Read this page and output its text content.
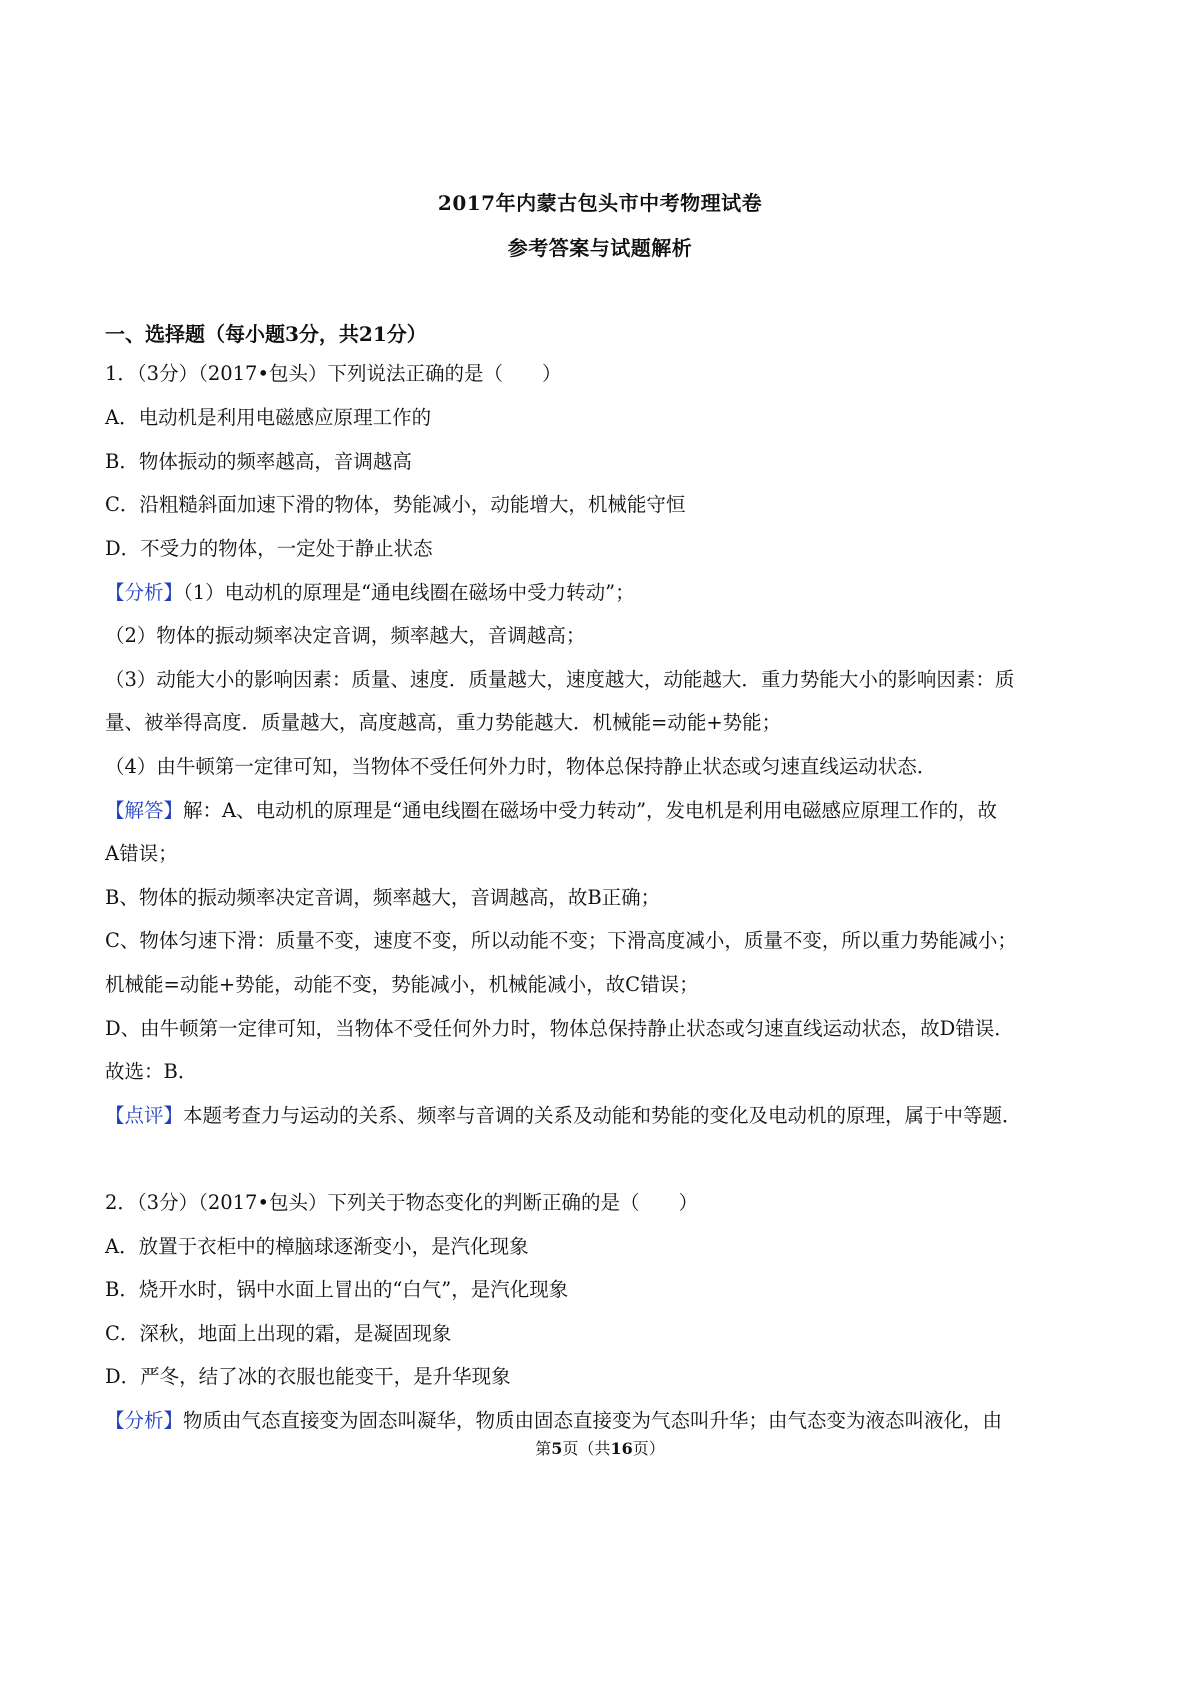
2017年内蒙古包头市中考物理试卷
参考答案与试题解析
一、选择题（每小题3分，共21分）
1．（3分）（2017•包头）下列说法正确的是（　　）
A．电动机是利用电磁感应原理工作的
B．物体振动的频率越高，音调越高
C．沿粗糙斜面加速下滑的物体，势能减小，动能增大，机械能守恒
D．不受力的物体，一定处于静止状态
【分析】（1）电动机的原理是“通电线圈在磁场中受力转动”；
（2）物体的振动频率决定音调，频率越大，音调越高；
（3）动能大小的影响因素：质量、速度．质量越大，速度越大，动能越大．重力势能大小的影响因素：质
量、被举得高度．质量越大，高度越高，重力势能越大．机械能=动能+势能；
（4）由牛顿第一定律可知，当物体不受任何外力时，物体总保持静止状态或匀速直线运动状态．
【解答】解：A、电动机的原理是“通电线圈在磁场中受力转动”，发电机是利用电磁感应原理工作的，故
A错误；
B、物体的振动频率决定音调，频率越大，音调越高，故B正确；
C、物体匀速下滑：质量不变，速度不变，所以动能不变；下滑高度减小，质量不变，所以重力势能减小；
机械能=动能+势能，动能不变，势能减小，机械能减小，故C错误；
D、由牛顿第一定律可知，当物体不受任何外力时，物体总保持静止状态或匀速直线运动状态，故D错误．
故选：B．
【点评】本题考查力与运动的关系、频率与音调的关系及动能和势能的变化及电动机的原理，属于中等题．
2．（3分）（2017•包头）下列关于物态变化的判断正确的是（　　）
A．放置于衣柜中的樟脑球逐渐变小，是汽化现象
B．烧开水时，锅中水面上冒出的“白气”，是汽化现象
C．深秋，地面上出现的霜，是凝固现象
D．严冬，结了冰的衣服也能变干，是升华现象
【分析】物质由气态直接变为固态叫凝华，物质由固态直接变为气态叫升华；由气态变为液态叫液化，由
第5页（共16页）
